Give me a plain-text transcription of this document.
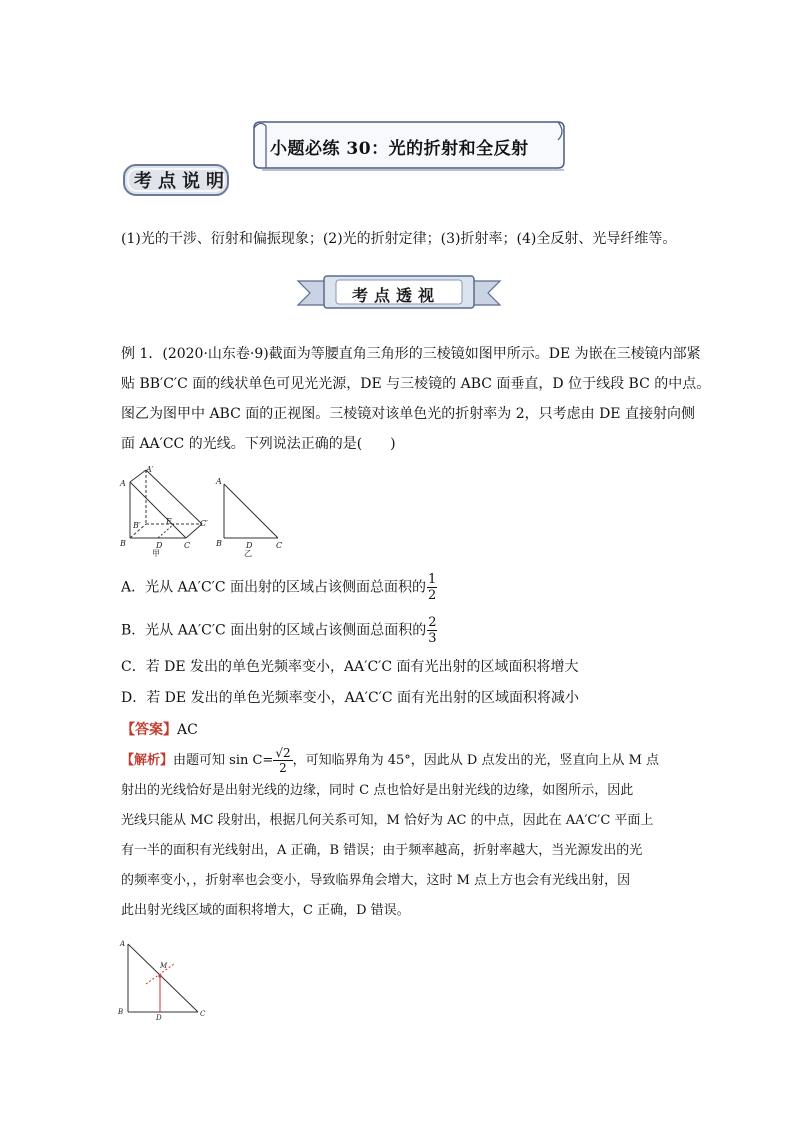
小题必练 30：光的折射和全反射
考点说明
(1)光的干涉、衍射和偏振现象；(2)光的折射定律；(3)折射率；(4)全反射、光导纤维等。
考点透视

例 1．(2020·山东卷·9)截面为等腰直角三角形的三棱镜如图甲所示。DE 为嵌在三棱镜内部紧

贴 BB′C′C 面的线状单色可见光光源，DE 与三棱镜的 ABC 面垂直，D 位于线段 BC 的中点。

图乙为图甲中 ABC 面的正视图。三棱镜对该单色光的折射率为 2，只考虑由 DE 直接射向侧

面 AA′CC 的光线。下列说法正确的是(　　)

A
A′
B′	E	C′
B	D	C
甲
A
B	D	C
乙
A．光从 AA′C′C 面出射的区域占该侧面总面积的 $\frac{1}{2}$
B．光从 AA′C′C 面出射的区域占该侧面总面积的 $\frac{2}{3}$
C．若 DE 发出的单色光频率变小，AA′C′C 面有光出射的区域面积将增大
D．若 DE 发出的单色光频率变小，AA′C′C 面有光出射的区域面积将减小
【答案】AC

【解析】由题可知 $\sin C= \frac{√2}{2}$ ，可知临界角为 45°，因此从 D 点发出的光，竖直向上从 M 点

射出的光线恰好是出射光线的边缘，同时 C 点也恰好是出射光线的边缘，如图所示，因此

光线只能从 MC 段射出，根据几何关系可知，M 恰好为 AC 的中点，因此在 AA′C′C 平面上

有一半的面积有光线射出，A 正确，B 错误；由于频率越高，折射率越大，当光源发出的光

的频率变小，，折射率也会变小，导致临界角会增大，这时 M 点上方也会有光线出射，因

此出射光线区域的面积将增大，C 正确，D 错误。

A
M
B
D	C
